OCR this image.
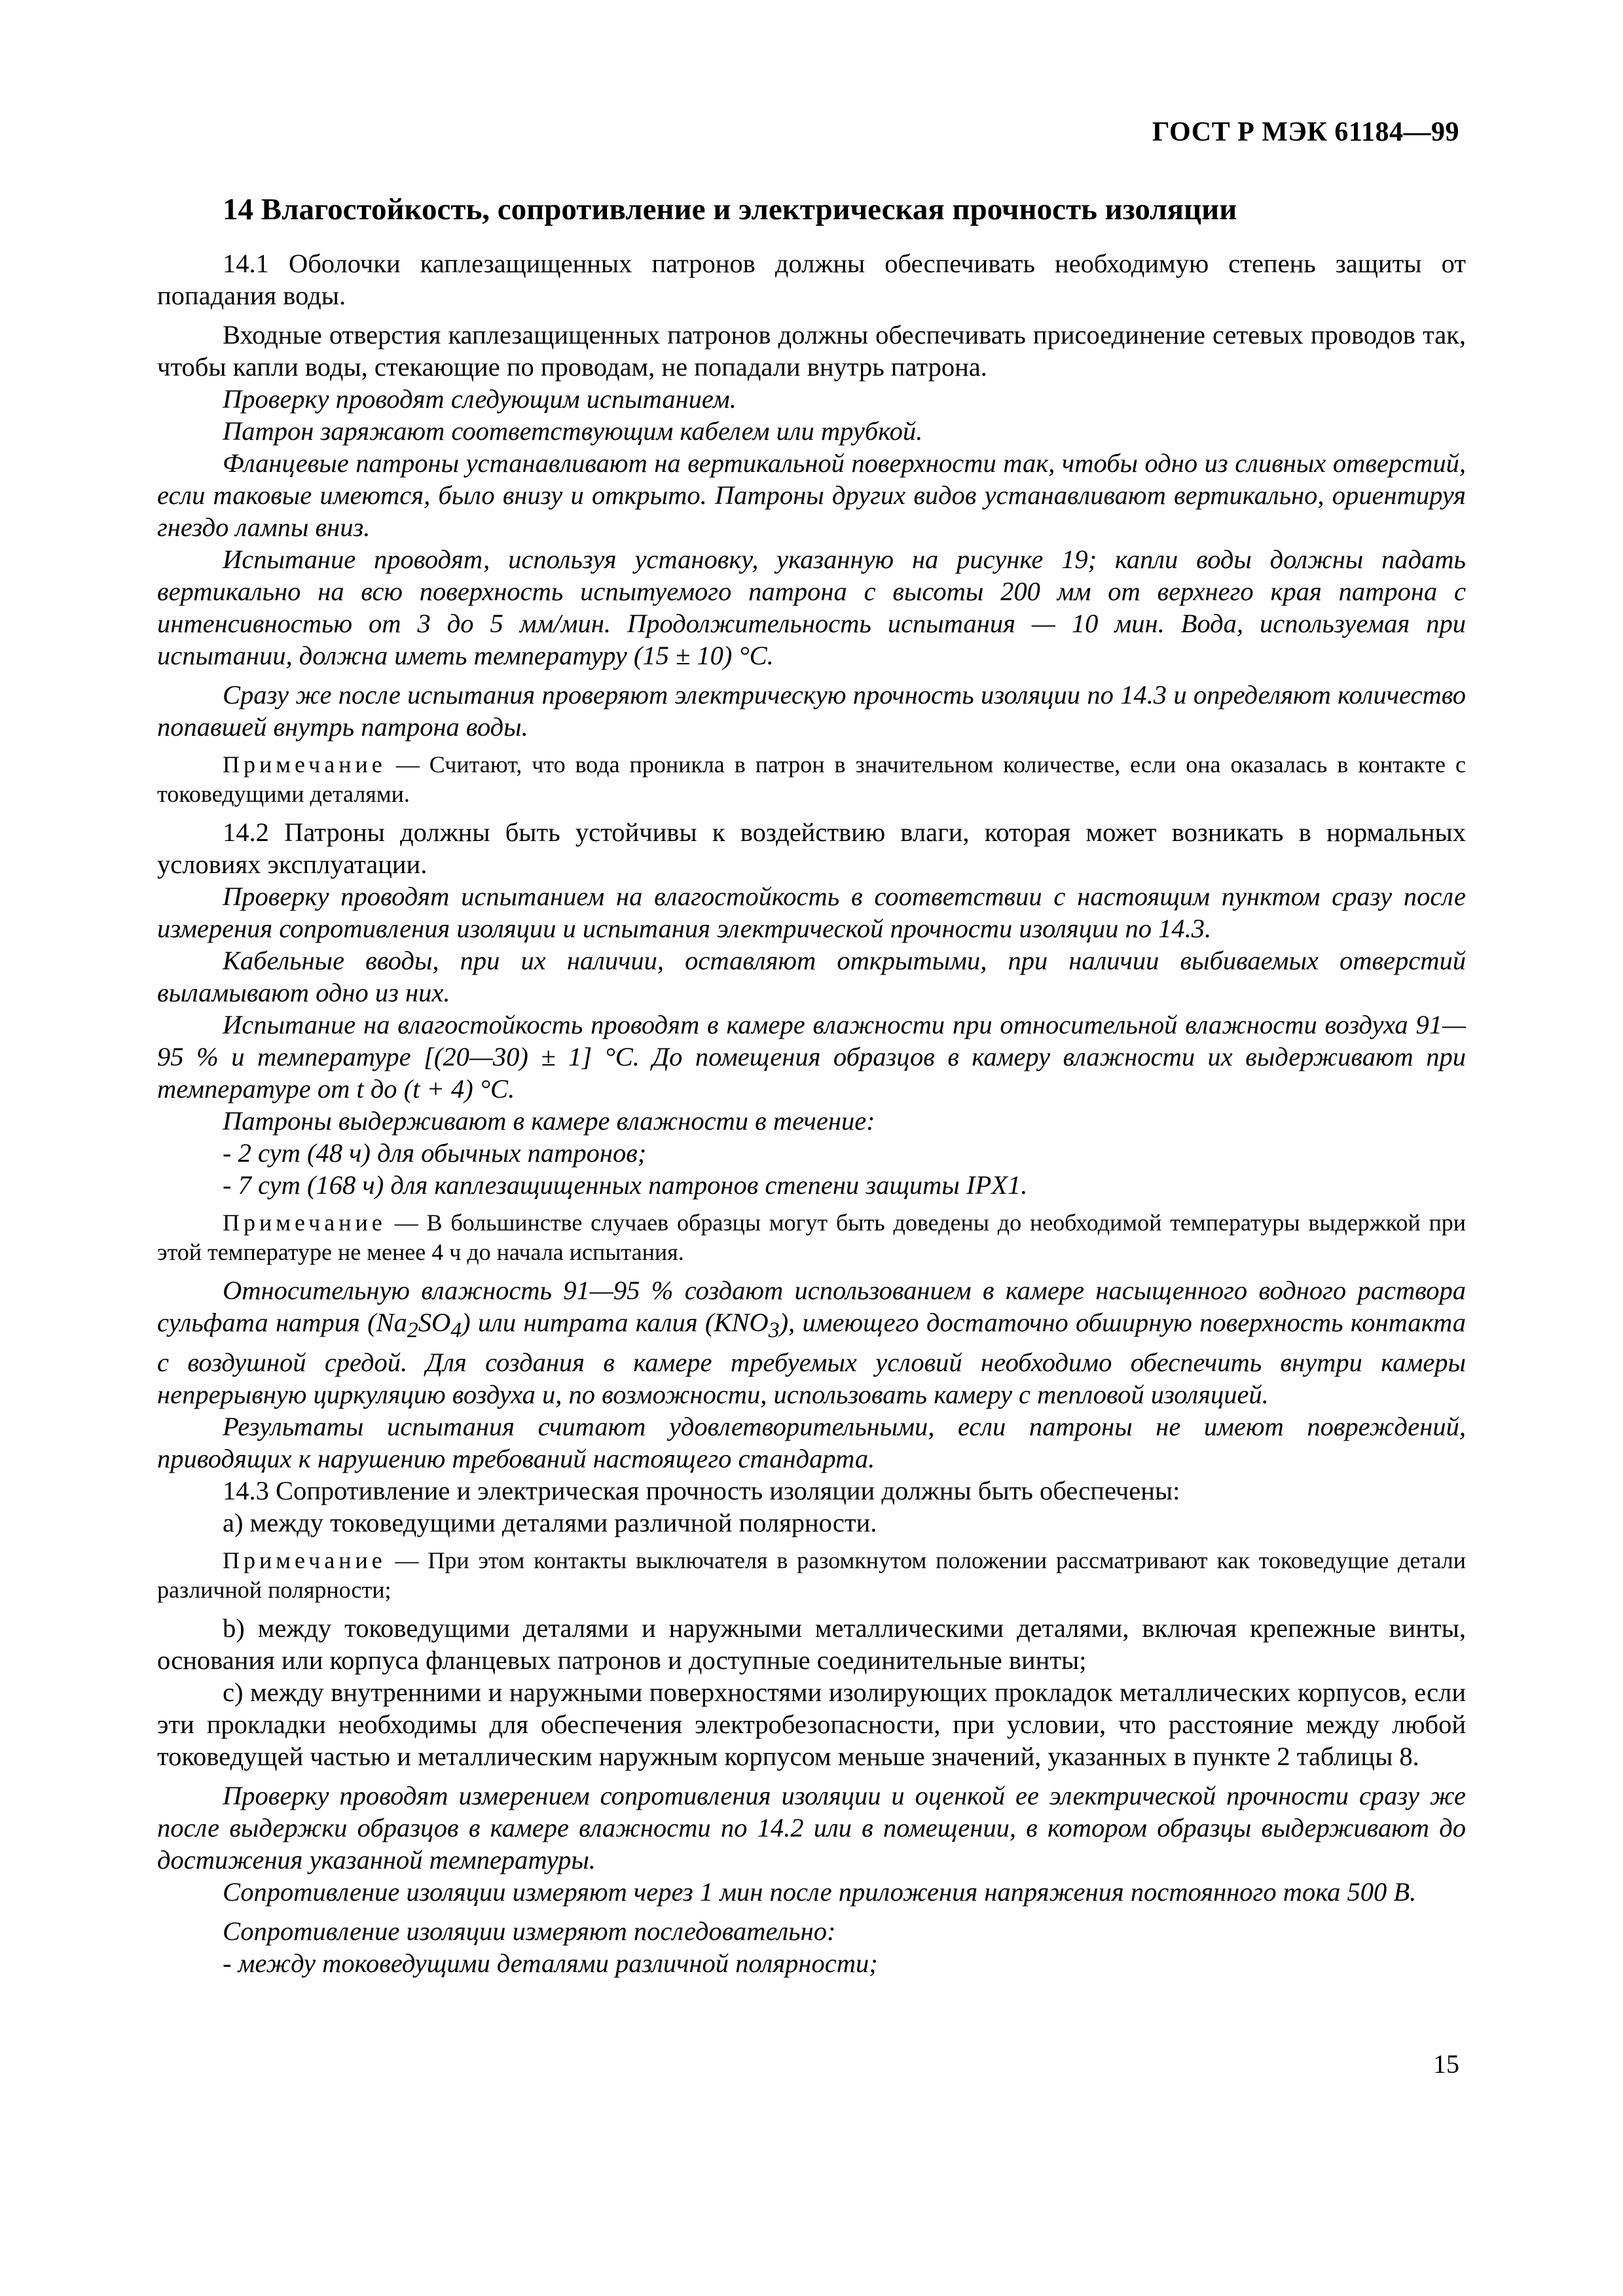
ГОСТ Р МЭК 61184—99
14 Влагостойкость, сопротивление и электрическая прочность изоляции

14.1 Оболочки каплезащищенных патронов должны обеспечивать необходимую степень защиты от попадания воды.

Входные отверстия каплезащищенных патронов должны обеспечивать присоединение сетевых проводов так, чтобы капли воды, стекающие по проводам, не попадали внутрь патрона.

Проверку проводят следующим испытанием.

Патрон заряжают соответствующим кабелем или трубкой.

Фланцевые патроны устанавливают на вертикальной поверхности так, чтобы одно из сливных отверстий, если таковые имеются, было внизу и открыто. Патроны других видов устанавливают вертикально, ориентируя гнездо лампы вниз.

Испытание проводят, используя установку, указанную на рисунке 19; капли воды должны падать вертикально на всю поверхность испытуемого патрона с высоты 200 мм от верхнего края патрона с интенсивностью от 3 до 5 мм/мин. Продолжительность испытания — 10 мин. Вода, используемая при испытании, должна иметь температуру (15 ± 10) °С.

Сразу же после испытания проверяют электрическую прочность изоляции по 14.3 и определяют количество попавшей внутрь патрона воды.

Примечание — Считают, что вода проникла в патрон в значительном количестве, если она оказалась в контакте с токоведущими деталями.

14.2 Патроны должны быть устойчивы к воздействию влаги, которая может возникать в нормальных условиях эксплуатации.

Проверку проводят испытанием на влагостойкость в соответствии с настоящим пунктом сразу после измерения сопротивления изоляции и испытания электрической прочности изоляции по 14.3.

Кабельные вводы, при их наличии, оставляют открытыми, при наличии выбиваемых отверстий выламывают одно из них.

Испытание на влагостойкость проводят в камере влажности при относительной влажности воздуха 91—95 % и температуре [(20—30) ± 1] °С. До помещения образцов в камеру влажности их выдерживают при температуре от t до (t + 4) °С.

Патроны выдерживают в камере влажности в течение:

- 2 сут (48 ч) для обычных патронов;

- 7 сут (168 ч) для каплезащищенных патронов степени защиты IPX1.

Примечание — В большинстве случаев образцы могут быть доведены до необходимой температуры выдержкой при этой температуре не менее 4 ч до начала испытания.

Относительную влажность 91—95 % создают использованием в камере насыщенного водного раствора сульфата натрия $(Na_2SO_4)$ или нитрата калия $(KNO_3)$, имеющего достаточно обширную поверхность контакта с воздушной средой. Для создания в камере требуемых условий необходимо обеспечить внутри камеры непрерывную циркуляцию воздуха и, по возможности, использовать камеру с тепловой изоляцией.

Результаты испытания считают удовлетворительными, если патроны не имеют повреждений, приводящих к нарушению требований настоящего стандарта.

14.3 Сопротивление и электрическая прочность изоляции должны быть обеспечены:

a) между токоведущими деталями различной полярности.

Примечание — При этом контакты выключателя в разомкнутом положении рассматривают как токоведущие детали различной полярности;

b) между токоведущими деталями и наружными металлическими деталями, включая крепежные винты, основания или корпуса фланцевых патронов и доступные соединительные винты;

c) между внутренними и наружными поверхностями изолирующих прокладок металлических корпусов, если эти прокладки необходимы для обеспечения электробезопасности, при условии, что расстояние между любой токоведущей частью и металлическим наружным корпусом меньше значений, указанных в пункте 2 таблицы 8.

Проверку проводят измерением сопротивления изоляции и оценкой ее электрической прочности сразу же после выдержки образцов в камере влажности по 14.2 или в помещении, в котором образцы выдерживают до достижения указанной температуры.

Сопротивление изоляции измеряют через 1 мин после приложения напряжения постоянного тока 500 В.

Сопротивление изоляции измеряют последовательно:

- между токоведущими деталями различной полярности;

15
